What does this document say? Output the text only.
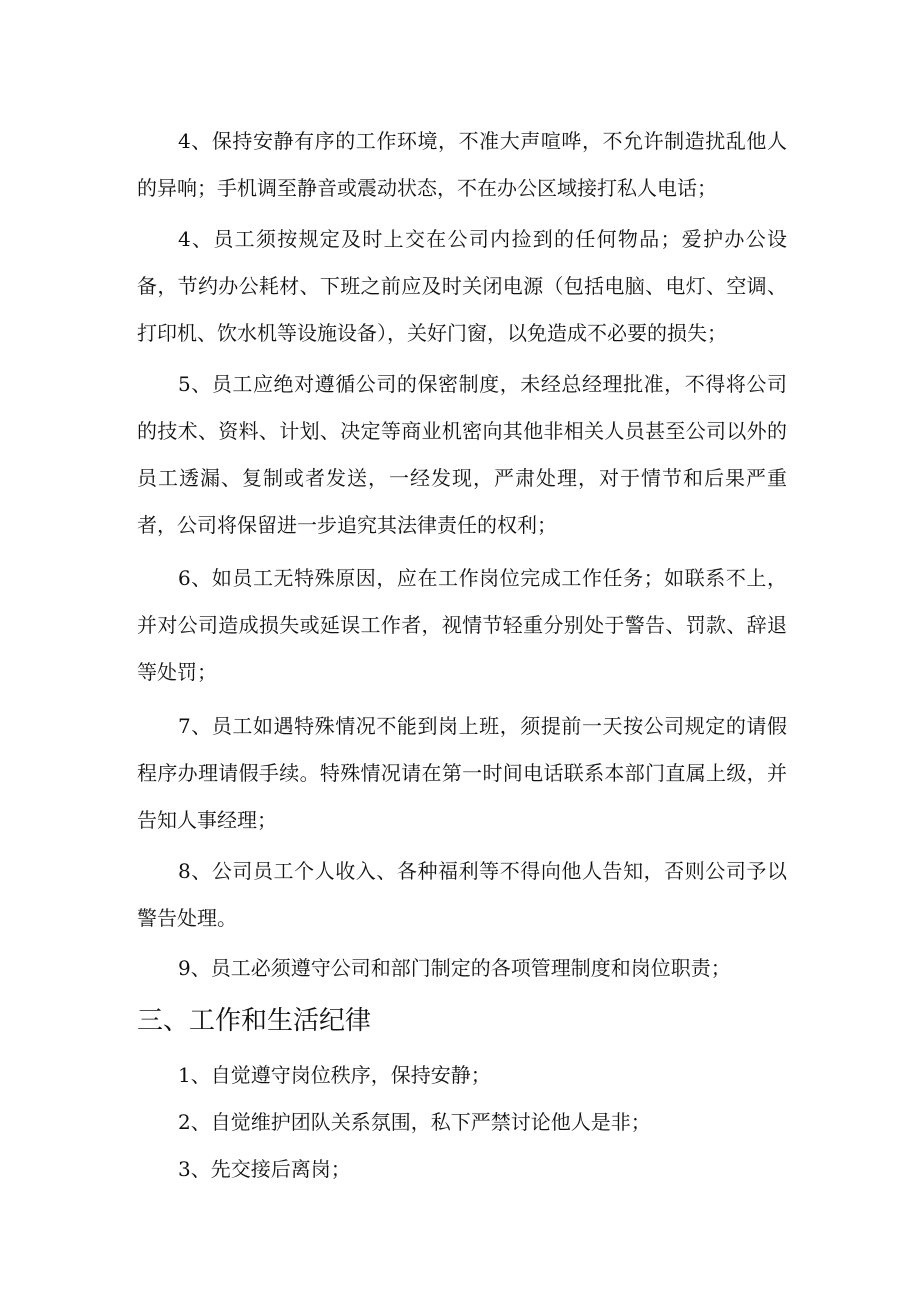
4、保持安静有序的工作环境，不准大声喧哗，不允许制造扰乱他人的异响；手机调至静音或震动状态，不在办公区域接打私人电话；

4、员工须按规定及时上交在公司内捡到的任何物品；爱护办公设备，节约办公耗材、下班之前应及时关闭电源（包括电脑、电灯、空调、打印机、饮水机等设施设备），关好门窗，以免造成不必要的损失；

5、员工应绝对遵循公司的保密制度，未经总经理批准，不得将公司的技术、资料、计划、决定等商业机密向其他非相关人员甚至公司以外的员工透漏、复制或者发送，一经发现，严肃处理，对于情节和后果严重者，公司将保留进一步追究其法律责任的权利；

6、如员工无特殊原因，应在工作岗位完成工作任务；如联系不上，并对公司造成损失或延误工作者，视情节轻重分别处于警告、罚款、辞退等处罚；

7、员工如遇特殊情况不能到岗上班，须提前一天按公司规定的请假程序办理请假手续。特殊情况请在第一时间电话联系本部门直属上级，并告知人事经理；

8、公司员工个人收入、各种福利等不得向他人告知，否则公司予以警告处理。

9、员工必须遵守公司和部门制定的各项管理制度和岗位职责；

三、工作和生活纪律

1、自觉遵守岗位秩序，保持安静；

2、自觉维护团队关系氛围，私下严禁讨论他人是非；

3、先交接后离岗；
